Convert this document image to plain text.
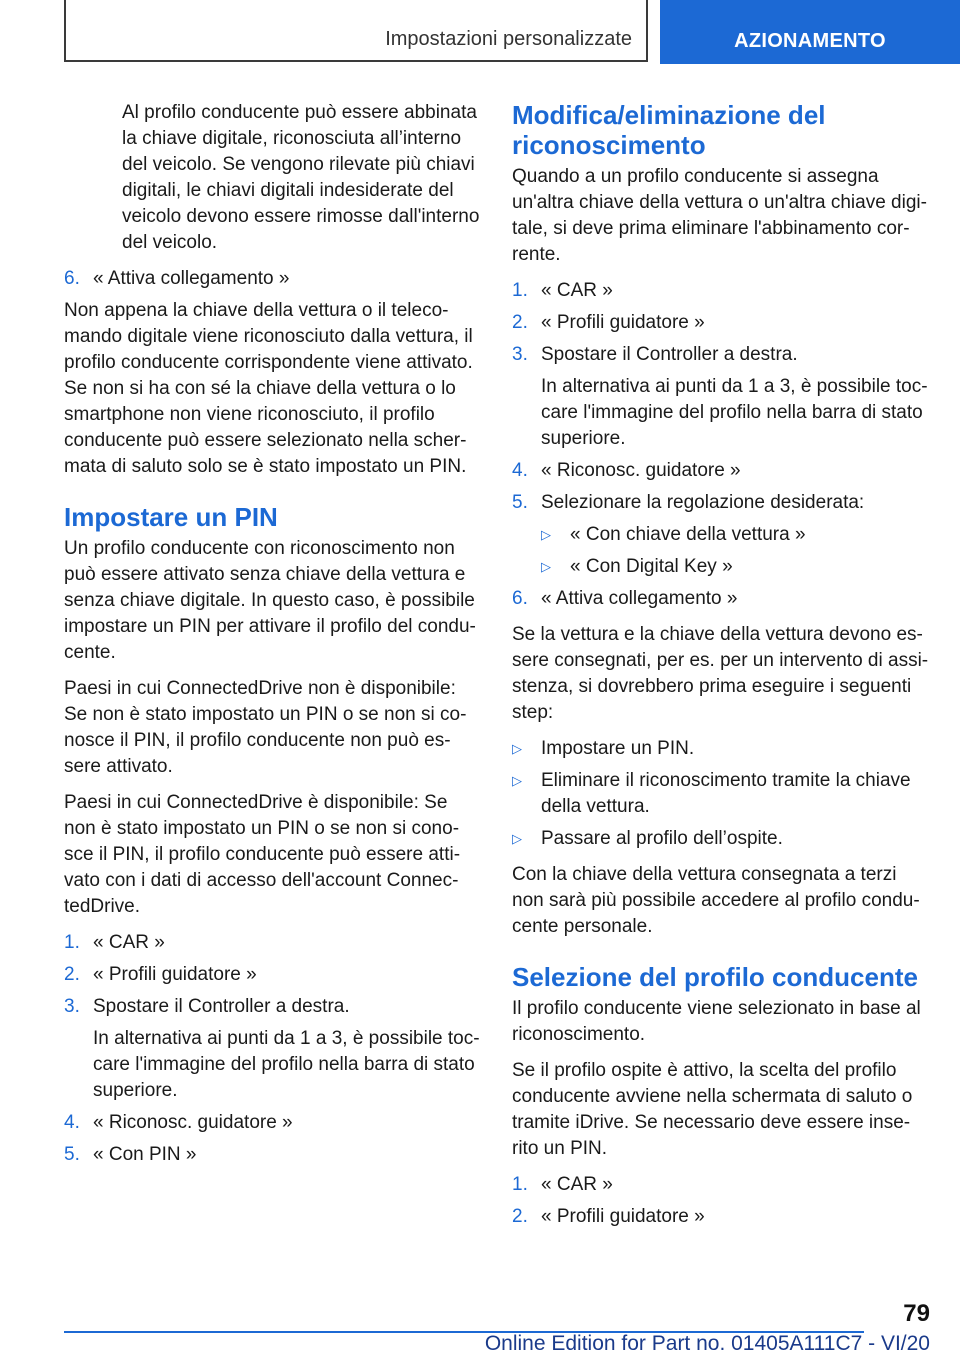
Impostazioni personalizzate	AZIONAMENTO

Al profilo conducente può essere abbinata la chiave digitale, riconosciuta all’interno del veicolo. Se vengono rilevate più chiavi digitali, le chiavi digitali indesiderate del veicolo devono essere rimosse dall'interno del veicolo.

6. « Attiva collegamento »

Non appena la chiave della vettura o il telecomando digitale viene riconosciuto dalla vettura, il profilo conducente corrispondente viene attivato. Se non si ha con sé la chiave della vettura o lo smartphone non viene riconosciuto, il profilo conducente può essere selezionato nella schermata di saluto solo se è stato impostato un PIN.

Impostare un PIN

Un profilo conducente con riconoscimento non può essere attivato senza chiave della vettura e senza chiave digitale. In questo caso, è possibile impostare un PIN per attivare il profilo del conducente.

Paesi in cui ConnectedDrive non è disponibile: Se non è stato impostato un PIN o se non si conosce il PIN, il profilo conducente non può essere attivato.

Paesi in cui ConnectedDrive è disponibile: Se non è stato impostato un PIN o se non si conosce il PIN, il profilo conducente può essere attivato con i dati di accesso dell'account ConnectedDrive.

1. « CAR »
2. « Profili guidatore »
3. Spostare il Controller a destra.

In alternativa ai punti da 1 a 3, è possibile toccare l'immagine del profilo nella barra di stato superiore.

4. « Riconosc. guidatore »
5. « Con PIN »
Modifica/eliminazione del riconoscimento

Quando a un profilo conducente si assegna un'altra chiave della vettura o un'altra chiave digitale, si deve prima eliminare l'abbinamento corrente.

1. « CAR »
2. « Profili guidatore »
3. Spostare il Controller a destra.

In alternativa ai punti da 1 a 3, è possibile toccare l'immagine del profilo nella barra di stato superiore.

4. « Riconosc. guidatore »
5. Selezionare la regolazione desiderata:
▷	« Con chiave della vettura »
▷	« Con Digital Key »
6. « Attiva collegamento »

Se la vettura e la chiave della vettura devono essere consegnati, per es. per un intervento di assistenza, si dovrebbero prima eseguire i seguenti step:

▷	Impostare un PIN.
▷	Eliminare il riconoscimento tramite la chiave della vettura.
▷	Passare al profilo dell’ospite.

Con la chiave della vettura consegnata a terzi non sarà più possibile accedere al profilo conducente personale.

Selezione del profilo conducente

Il profilo conducente viene selezionato in base al riconoscimento.

Se il profilo ospite è attivo, la scelta del profilo conducente avviene nella schermata di saluto o tramite iDrive. Se necessario deve essere inserito un PIN.

1. « CAR »
2. « Profili guidatore »
79
Online Edition for Part no. 01405A111C7 - VI/20
